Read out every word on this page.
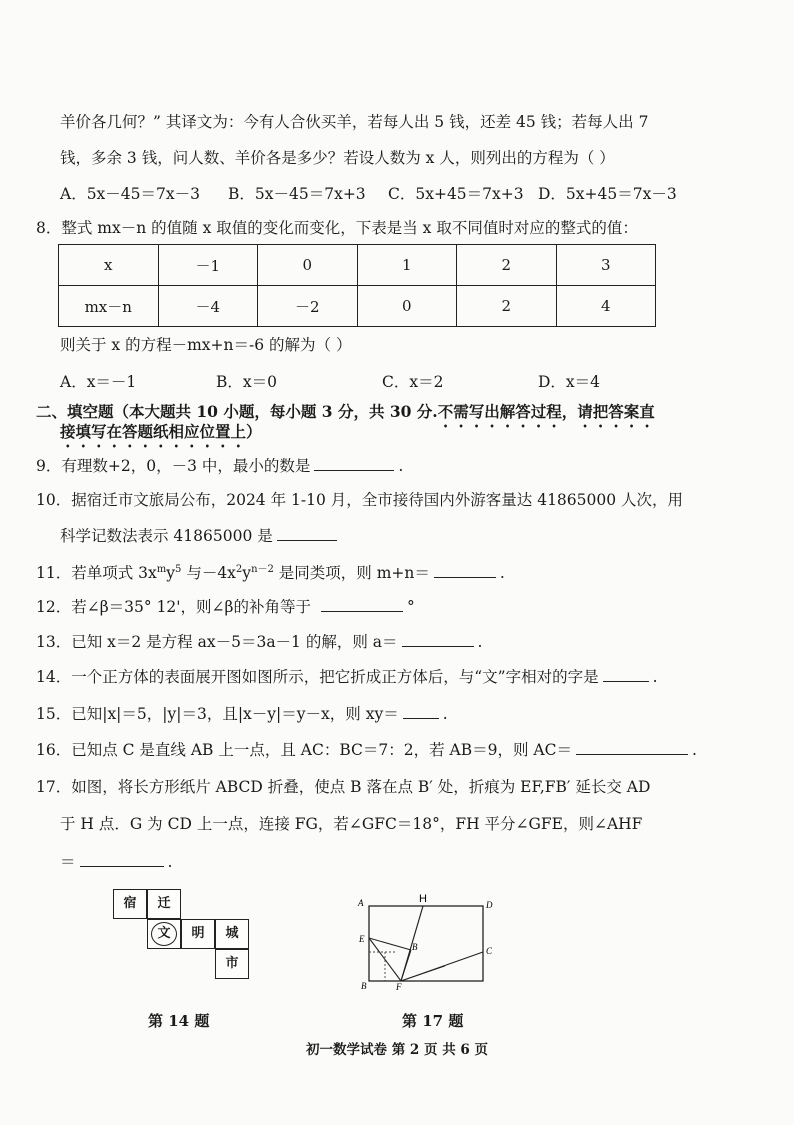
羊价各几何？” 其译文为：今有人合伙买羊，若每人出 5 钱，还差 45 钱；若每人出 7
钱，多余 3 钱，问人数、羊价各是多少？若设人数为 x 人，则列出的方程为（ ）
A．5x－45＝7x－3 B．5x－45＝7x+3 C．5x+45＝7x+3 D．5x+45＝7x－3
8．整式 mx－n 的值随 x 取值的变化而变化，下表是当 x 取不同值时对应的整式的值：
x	－1	0	1	2	3
mx－n	－4	－2	0	2	4
则关于 x 的方程－mx+n＝-6 的解为（ ）
A．x＝－1	B．x＝0	C．x＝2	D．x＝4
二、填空题（本大题共 10 小题，每小题 3 分，共 30 分.不需写出解答过程，请把答案直
接填写在答题纸相应位置上）
9．有理数+2，0，－3 中，最小的数是	.
10．据宿迁市文旅局公布，2024 年 1-10 月，全市接待国内外游客量达 41865000 人次，用
科学记数法表示 41865000 是
11．若单项式 $3x^my^5$ 与$-4x^2y^{n-2}$ 是同类项，则 m+n＝	.
12．若∠β＝35° 12'，则∠β的补角等于	°
13．已知 x＝2 是方程 ax－5＝3a－1 的解，则 a＝	.
14．一个正方体的表面展开图如图所示，把它折成正方体后，与“文”字相对的字是	.
15．已知|x|＝5，|y|＝3，且|x－y|＝y－x，则 xy＝	.
16．已知点 C 是直线 AB 上一点，且 AC：BC＝7：2，若 AB＝9，则 AC＝	.
17．如图，将长方形纸片 ABCD 折叠，使点 B 落在点 B′ 处，折痕为 EF,FB′ 延长交 AD
于 H 点．G 为 CD 上一点，连接 FG，若∠GFC＝18°，FH 平分∠GFE，则∠AHF
＝	.
宿	迁
文	明	城
市
第 14 题
A	H	D
E
B	C
B	F
第 17 题
初一数学试卷 第 2 页 共 6 页
